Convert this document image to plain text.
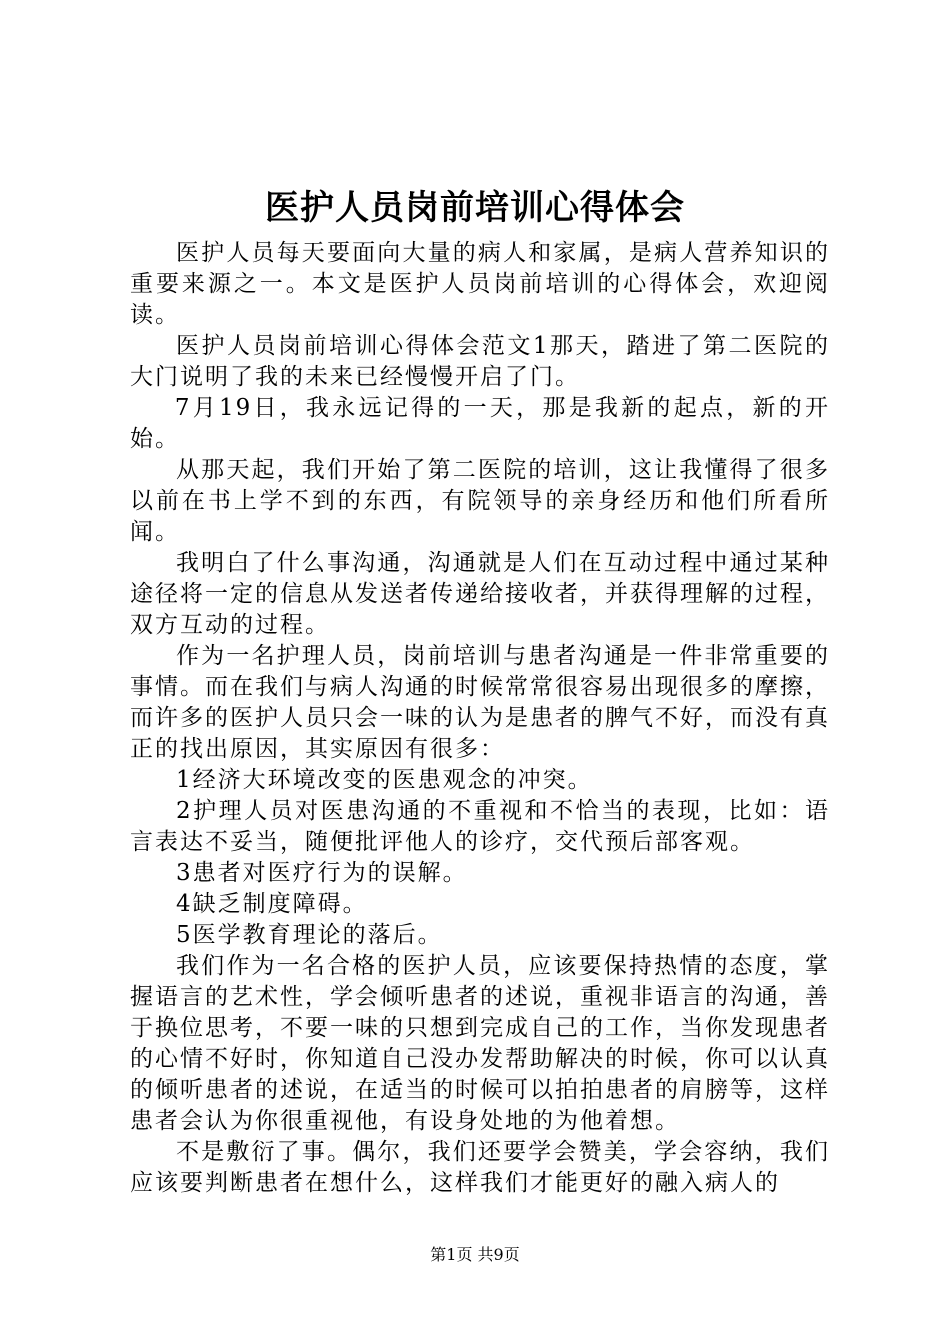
医护人员岗前培训心得体会

医护人员每天要面向大量的病人和家属，是病人营养知识的重要来源之一。本文是医护人员岗前培训的心得体会，欢迎阅读。

医护人员岗前培训心得体会范文1那天，踏进了第二医院的大门说明了我的未来已经慢慢开启了门。

7月19日，我永远记得的一天，那是我新的起点，新的开始。

从那天起，我们开始了第二医院的培训，这让我懂得了很多以前在书上学不到的东西，有院领导的亲身经历和他们所看所闻。

我明白了什么事沟通，沟通就是人们在互动过程中通过某种途径将一定的信息从发送者传递给接收者，并获得理解的过程，双方互动的过程。

作为一名护理人员，岗前培训与患者沟通是一件非常重要的事情。而在我们与病人沟通的时候常常很容易出现很多的摩擦，而许多的医护人员只会一味的认为是患者的脾气不好，而没有真正的找出原因，其实原因有很多：

1经济大环境改变的医患观念的冲突。

2护理人员对医患沟通的不重视和不恰当的表现，比如：语言表达不妥当，随便批评他人的诊疗，交代预后部客观。

3患者对医疗行为的误解。

4缺乏制度障碍。

5医学教育理论的落后。

我们作为一名合格的医护人员，应该要保持热情的态度，掌握语言的艺术性，学会倾听患者的述说，重视非语言的沟通，善于换位思考，不要一味的只想到完成自己的工作，当你发现患者的心情不好时，你知道自己没办发帮助解决的时候，你可以认真的倾听患者的述说，在适当的时候可以拍拍患者的肩膀等，这样患者会认为你很重视他，有设身处地的为他着想。

不是敷衍了事。偶尔，我们还要学会赞美，学会容纳，我们应该要判断患者在想什么，这样我们才能更好的融入病人的

第1页 共9页
